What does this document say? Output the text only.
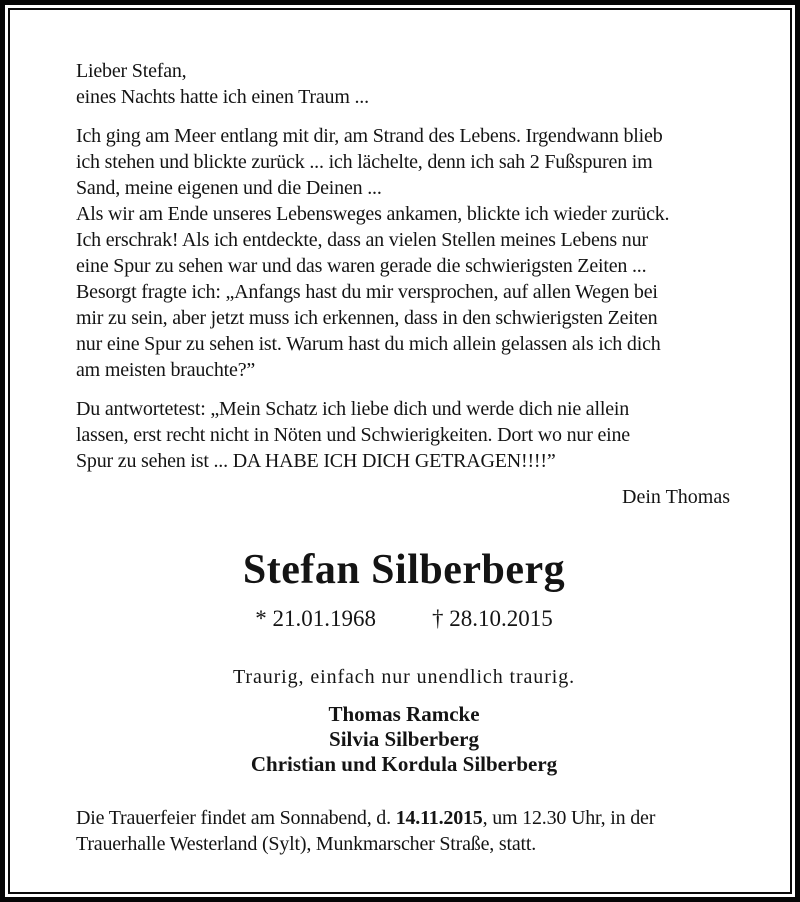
Lieber Stefan,
eines Nachts hatte ich einen Traum ...
Ich ging am Meer entlang mit dir, am Strand des Lebens. Irgendwann blieb
ich stehen und blickte zurück ... ich lächelte, denn ich sah 2 Fußspuren im
Sand, meine eigenen und die Deinen ...
Als wir am Ende unseres Lebensweges ankamen, blickte ich wieder zurück.
Ich erschrak! Als ich entdeckte, dass an vielen Stellen meines Lebens nur
eine Spur zu sehen war und das waren gerade die schwierigsten Zeiten ...
Besorgt fragte ich: „Anfangs hast du mir versprochen, auf allen Wegen bei
mir zu sein, aber jetzt muss ich erkennen, dass in den schwierigsten Zeiten
nur eine Spur zu sehen ist. Warum hast du mich allein gelassen als ich dich
am meisten brauchte?”
Du antwortetest: „Mein Schatz ich liebe dich und werde dich nie allein
lassen, erst recht nicht in Nöten und Schwierigkeiten. Dort wo nur eine
Spur zu sehen ist ... DA HABE ICH DICH GETRAGEN!!!!”
Dein Thomas
Stefan Silberberg
* 21.01.1968 † 28.10.2015
Traurig, einfach nur unendlich traurig.
Thomas Ramcke
Silvia Silberberg
Christian und Kordula Silberberg
Die Trauerfeier findet am Sonnabend, d. 14.11.2015, um 12.30 Uhr, in der
Trauerhalle Westerland (Sylt), Munkmarscher Straße, statt.
